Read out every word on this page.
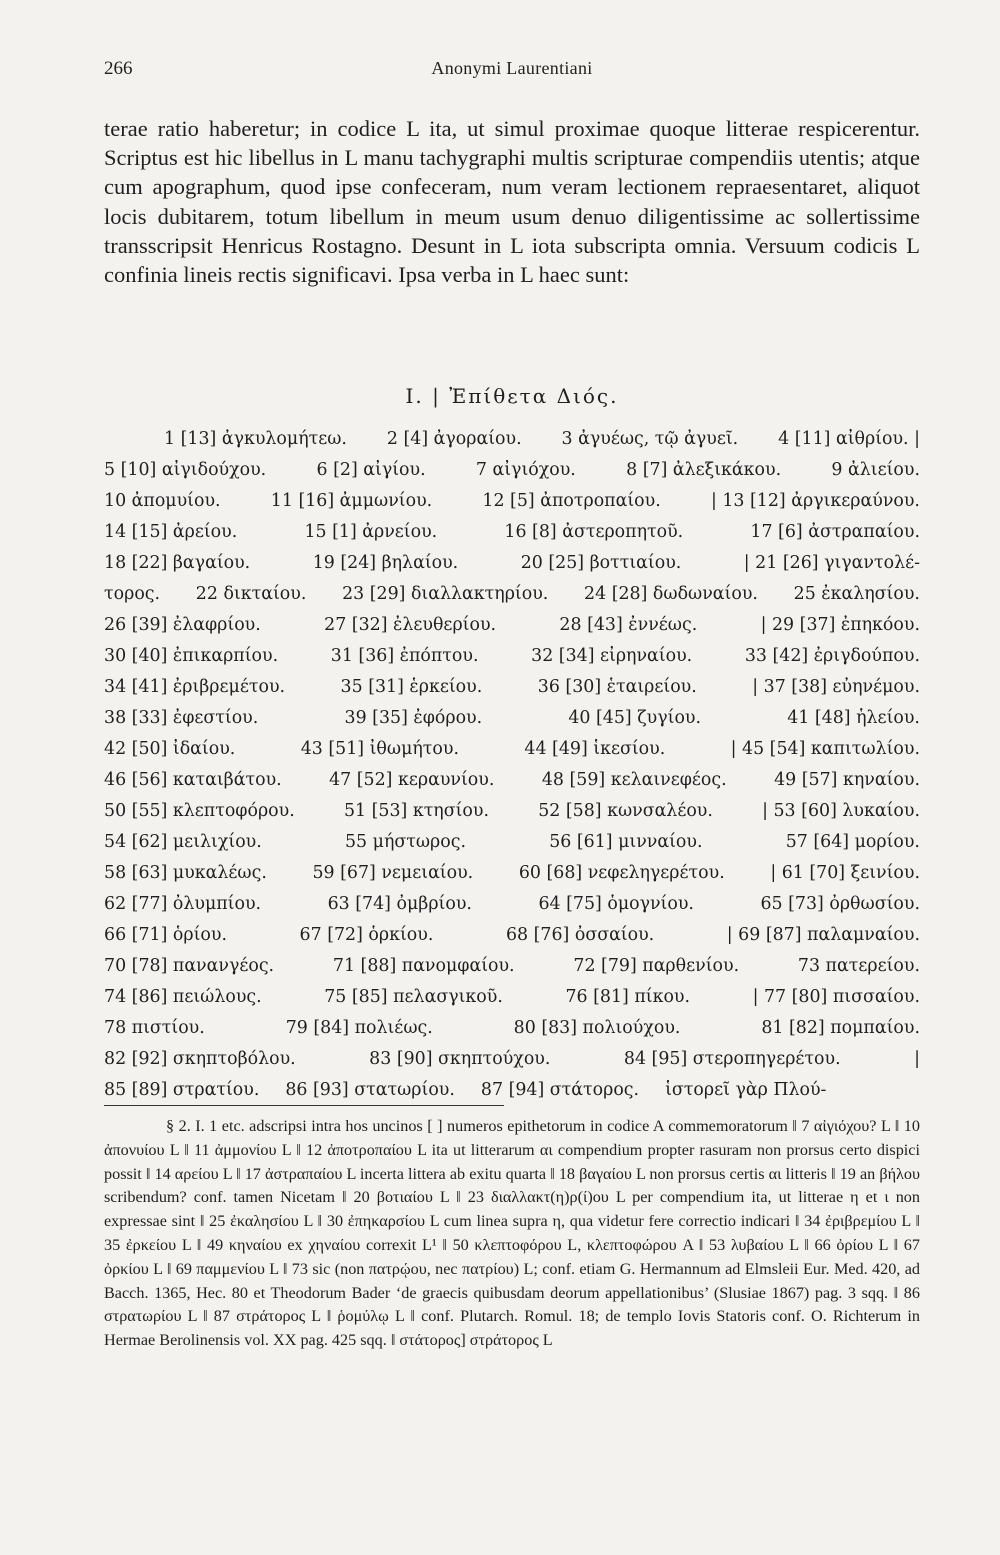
266	Anonymi Laurentiani

terae ratio haberetur; in codice L ita, ut simul proximae quoque litterae respicerentur. Scriptus est hic libellus in L manu tachygraphi multis scripturae compendiis utentis; atque cum apographum, quod ipse confeceram, num veram lectionem repraesentaret, aliquot locis dubitarem, totum libellum in meum usum denuo diligentissime ac sollertissime transscripsit Henricus Rostagno. Desunt in L iota subscripta omnia. Versuum codicis L confinia lineis rectis significavi. Ipsa verba in L haec sunt:

I. | Ἐπίθετα Διός.
1 [13] ἀγκυλομήτεω. 2 [4] ἀγοραίου. 3 ἀγυέως, τῷ ἀγυεῖ. 4 [11] αἰθρίου. |
5 [10] αἰγιδούχου.	6 [2] αἰγίου.	7 αἰγιόχου.	8 [7] ἀλεξικάκου.	9 ἀλιείου.
10 ἀπομυίου.	11 [16] ἀμμωνίου.	12 [5] ἀποτροπαίου.	| 13 [12] ἀργικεραύνου.
14 [15] ἀρείου.	15 [1] ἀρνείου.	16 [8] ἀστεροπητοῦ.	17 [6] ἀστραπαίου.
18 [22] βαγαίου.	19 [24] βηλαίου.	20 [25] βοττιαίου.	| 21 [26] γιγαντολέ-
τορος. 22 δικταίου. 23 [29] διαλλακτηρίου. 24 [28] δωδωναίου. 25 ἐκαλησίου.
26 [39] ἐλαφρίου.	27 [32] ἐλευθερίου.	28 [43] ἐννέως.	| 29 [37] ἐπηκόου.
30 [40] ἐπικαρπίου.	31 [36] ἐπόπτου.	32 [34] εἰρηναίου.	33 [42] ἐριγδούπου.
34 [41] ἐριβρεμέτου.	35 [31] ἑρκείου.	36 [30] ἑταιρείου.	| 37 [38] εὐηνέμου.
38 [33] ἐφεστίου.	39 [35] ἐφόρου.	40 [45] ζυγίου.	41 [48] ἡλείου.
42 [50] ἰδαίου.	43 [51] ἰθωμήτου.	44 [49] ἱκεσίου.	| 45 [54] καπιτωλίου.
46 [56] καταιβάτου.	47 [52] κεραυνίου.	48 [59] κελαινεφέος.	49 [57] κηναίου.
50 [55] κλεπτοφόρου.	51 [53] κτησίου.	52 [58] κωνσαλέου.	| 53 [60] λυκαίου.
54 [62] μειλιχίου.	55 μήστωρος.	56 [61] μινναίου.	57 [64] μορίου.
58 [63] μυκαλέως.	59 [67] νεμειαίου.	60 [68] νεφεληγερέτου.	| 61 [70] ξεινίου.
62 [77] ὀλυμπίου.	63 [74] ὀμβρίου.	64 [75] ὁμογνίου.	65 [73] ὀρθωσίου.
66 [71] ὁρίου.	67 [72] ὁρκίου.	68 [76] ὀσσαίου.	| 69 [87] παλαμναίου.
70 [78] πανανγέος.	71 [88] πανομφαίου.	72 [79] παρθενίου.	73 πατερείου.
74 [86] πειώλους.	75 [85] πελασγικοῦ.	76 [81] πίκου.	| 77 [80] πισσαίου.
78 πιστίου.	79 [84] πολιέως.	80 [83] πολιούχου.	81 [82] πομπαίου.
82 [92] σκηπτοβόλου.	83 [90] σκηπτούχου.	84 [95] στεροπηγερέτου.	|
85 [89] στρατίου. 86 [93] στατωρίου. 87 [94] στάτορος. ἱστορεῖ γὰρ Πλού-

§ 2. I. 1 etc. adscripsi intra hos uncinos [ ] numeros epithetorum in codice A commemoratorum ‖ 7 αἰγιόχου? L ‖ 10 ἀπονυίου L ‖ 11 ἀμμονίου L ‖ 12 ἀποτροπαίου L ita ut litterarum αι compendium propter rasuram non prorsus certo dispici possit ‖ 14 αρείου L ‖ 17 ἀστραπαίου L incerta littera ab exitu quarta ‖ 18 βαγαίου L non prorsus certis αι litteris ‖ 19 an βήλου scribendum? conf. tamen Nicetam ‖ 20 βοτιαίου L ‖ 23 διαλλακτ(η)ρ(ί)ου L per compendium ita, ut litterae η et ι non expressae sint ‖ 25 ἐκαλησίου L ‖ 30 ἐπηκαρσίου L cum linea supra η, qua videtur fere correctio indicari ‖ 34 ἐριβρεμίου L ‖ 35 ἐρκείου L ‖ 49 κηναίου ex χηναίου correxit L¹ ‖ 50 κλεπτοφόρου L, κλεπτοφώρου A ‖ 53 λυβαίου L ‖ 66 ὀρίου L ‖ 67 ὀρκίου L ‖ 69 παμμενίου L ‖ 73 sic (non πατρῴου, nec πατρίου) L; conf. etiam G. Hermannum ad Elmsleii Eur. Med. 420, ad Bacch. 1365, Hec. 80 et Theodorum Bader ‘de graecis quibusdam deorum appellationibus’ (Slusiae 1867) pag. 3 sqq. ‖ 86 στρατωρίου L ‖ 87 στράτορος L ‖ ῥομύλῳ L ‖ conf. Plutarch. Romul. 18; de templo Iovis Statoris conf. O. Richterum in Hermae Berolinensis vol. XX pag. 425 sqq. ‖ στάτορος] στράτορος L
